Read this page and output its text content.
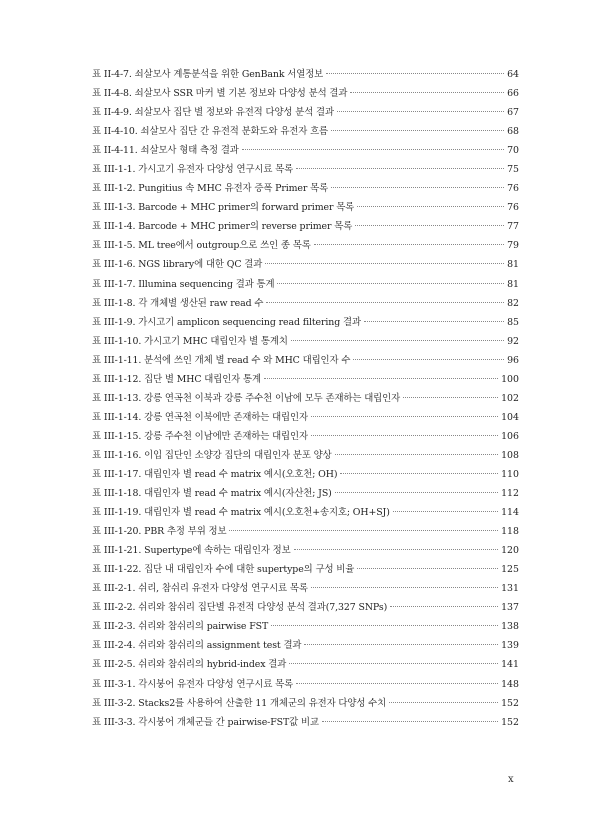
표 II-4-7. 쇠살모사 계통분석을 위한 GenBank 서열정보	64
표 II-4-8. 쇠살모사 SSR 마커 별 기본 정보와 다양성 분석 결과	66
표 II-4-9. 쇠살모사 집단 별 정보와 유전적 다양성 분석 결과	67
표 II-4-10. 쇠살모사 집단 간 유전적 분화도와 유전자 흐름	68
표 II-4-11. 쇠살모사 형태 측정 결과	70
표 III-1-1. 가시고기 유전자 다양성 연구시료 목록	75
표 III-1-2. Pungitius 속 MHC 유전자 증폭 Primer 목록	76
표 III-1-3. Barcode + MHC primer의 forward primer 목록	76
표 III-1-4. Barcode + MHC primer의 reverse primer 목록	77
표 III-1-5. ML tree에서 outgroup으로 쓰인 종 목록	79
표 III-1-6. NGS library에 대한 QC 결과	81
표 III-1-7. Illumina sequencing 결과 통계	81
표 III-1-8. 각 개체별 생산된 raw read 수	82
표 III-1-9. 가시고기 amplicon sequencing read filtering 결과	85
표 III-1-10. 가시고기 MHC 대립인자 별 통계치	92
표 III-1-11. 분석에 쓰인 개체 별 read 수 와 MHC 대립인자 수	96
표 III-1-12. 집단 별 MHC 대립인자 통계	100
표 III-1-13. 강릉 연곡천 이북과 강릉 주수천 이남에 모두 존재하는 대립인자	102
표 III-1-14. 강릉 연곡천 이북에만 존재하는 대립인자	104
표 III-1-15. 강릉 주수천 이남에만 존재하는 대립인자	106
표 III-1-16. 이입 집단인 소양강 집단의 대립인자 분포 양상	108
표 III-1-17. 대립인자 별 read 수 matrix 예시(오호천; OH)	110
표 III-1-18. 대립인자 별 read 수 matrix 예시(자산천; JS)	112
표 III-1-19. 대립인자 별 read 수 matrix 예시(오호천+송지호; OH+SJ)	114
표 III-1-20. PBR 추정 부위 정보	118
표 III-1-21. Supertype에 속하는 대립인자 정보	120
표 III-1-22. 집단 내 대립인자 수에 대한 supertype의 구성 비율	125
표 III-2-1. 쉬리, 참쉬리 유전자 다양성 연구시료 목록	131
표 III-2-2. 쉬리와 참쉬리 집단별 유전적 다양성 분석 결과(7,327 SNPs)	137
표 III-2-3. 쉬리와 참쉬리의 pairwise FST	138
표 III-2-4. 쉬리와 참쉬리의 assignment test 결과	139
표 III-2-5. 쉬리와 참쉬리의 hybrid-index 결과	141
표 III-3-1. 각시붕어 유전자 다양성 연구시료 목록	148
표 III-3-2. Stacks2를 사용하여 산출한 11 개체군의 유전자 다양성 수치	152
표 III-3-3. 각시붕어 개체군들 간 pairwise-FST값 비교	152
x
